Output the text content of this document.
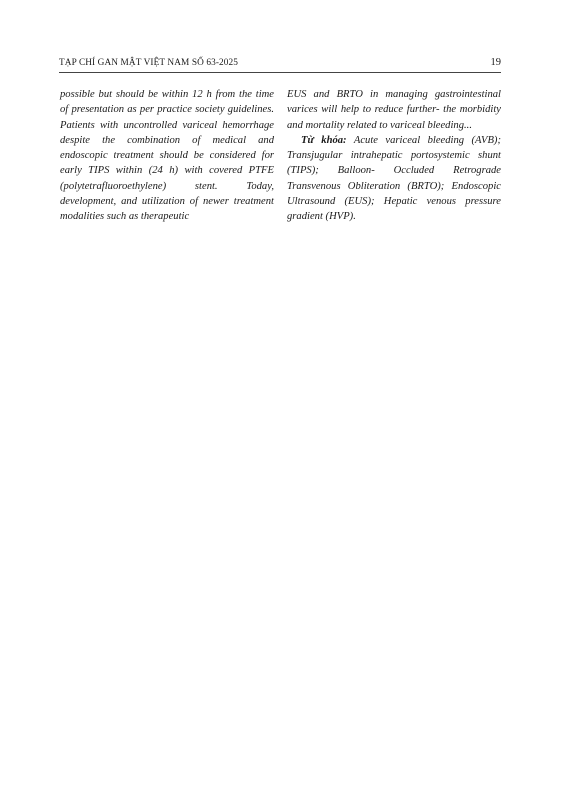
TẠP CHÍ GAN MẬT VIỆT NAM SỐ 63-2025	19

possible but should be within 12 h from the time of presentation as per practice society guidelines. Patients with uncontrolled variceal hemorrhage despite the combination of medical and endoscopic treatment should be considered for early TIPS within (24 h) with covered PTFE (polytetrafluoroethylene) stent. Today, development, and utilization of newer treatment modalities such as therapeutic

EUS and BRTO in managing gastrointestinal varices will help to reduce further- the morbidity and mortality related to variceal bleeding...

Từ khóa: Acute variceal bleeding (AVB); Transjugular intrahepatic portosystemic shunt (TIPS); Balloon- Occluded Retrograde Transvenous Obliteration (BRTO); Endoscopic Ultrasound (EUS); Hepatic venous pressure gradient (HVP).
